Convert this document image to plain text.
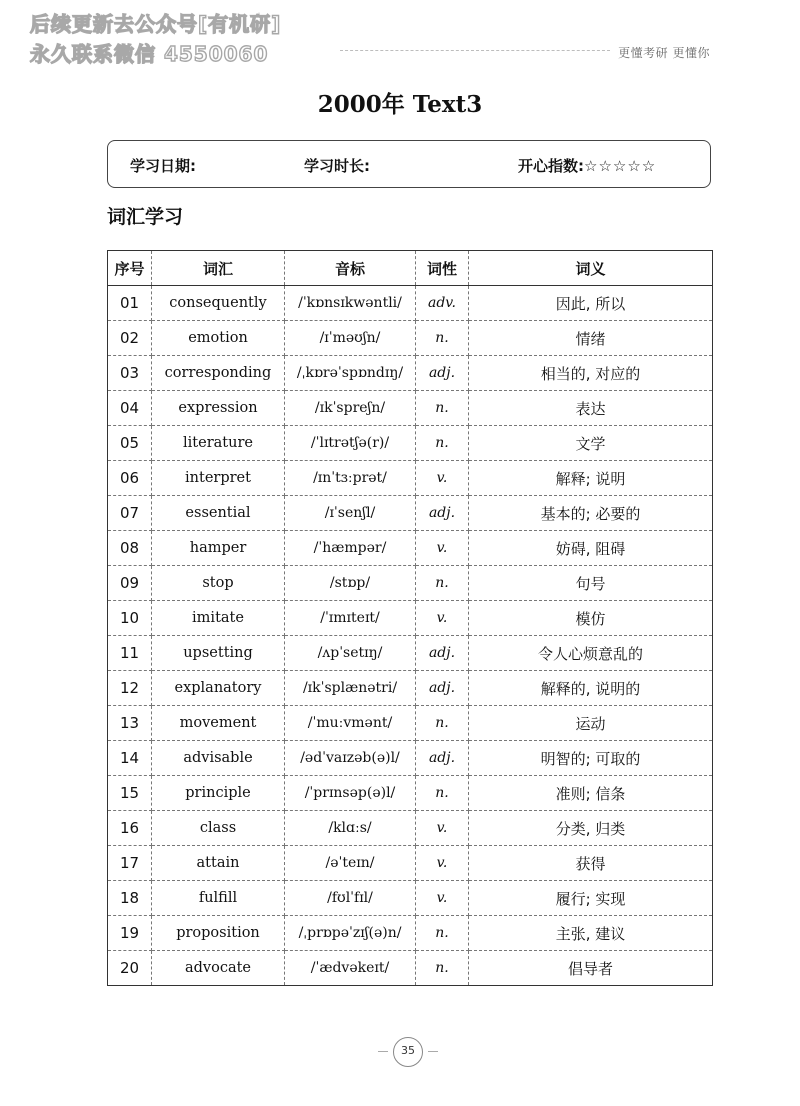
后续更新去公众号[有机研]
永久联系微信 4550060	更懂考研 更懂你
2000年 Text3
学习日期:	学习时长:	开心指数:☆☆☆☆☆
词汇学习
序号	词汇	音标	词性	词义
01	consequently	/ˈkɒnsɪkwəntli/	adv.	因此, 所以
02	emotion	/ɪˈməʊʃn/	n.	情绪
03	corresponding	/ˌkɒrəˈspɒndɪŋ/	adj.	相当的, 对应的
04	expression	/ɪkˈspreʃn/	n.	表达
05	literature	/ˈlɪtrətʃə(r)/	n.	文学
06	interpret	/ɪnˈtɜːprət/	v.	解释; 说明
07	essential	/ɪˈsenʃl/	adj.	基本的; 必要的
08	hamper	/ˈhæmpər/	v.	妨碍, 阻碍
09	stop	/stɒp/	n.	句号
10	imitate	/ˈɪmɪteɪt/	v.	模仿
11	upsetting	/ʌpˈsetɪŋ/	adj.	令人心烦意乱的
12	explanatory	/ɪkˈsplænətri/	adj.	解释的, 说明的
13	movement	/ˈmuːvmənt/	n.	运动
14	advisable	/ədˈvaɪzəb(ə)l/	adj.	明智的; 可取的
15	principle	/ˈprɪnsəp(ə)l/	n.	准则; 信条
16	class	/klɑːs/	v.	分类, 归类
17	attain	/əˈteɪn/	v.	获得
18	fulfill	/fʊlˈfɪl/	v.	履行; 实现
19	proposition	/ˌprɒpəˈzɪʃ(ə)n/	n.	主张, 建议
20	advocate	/ˈædvəkeɪt/	n.	倡导者
35
